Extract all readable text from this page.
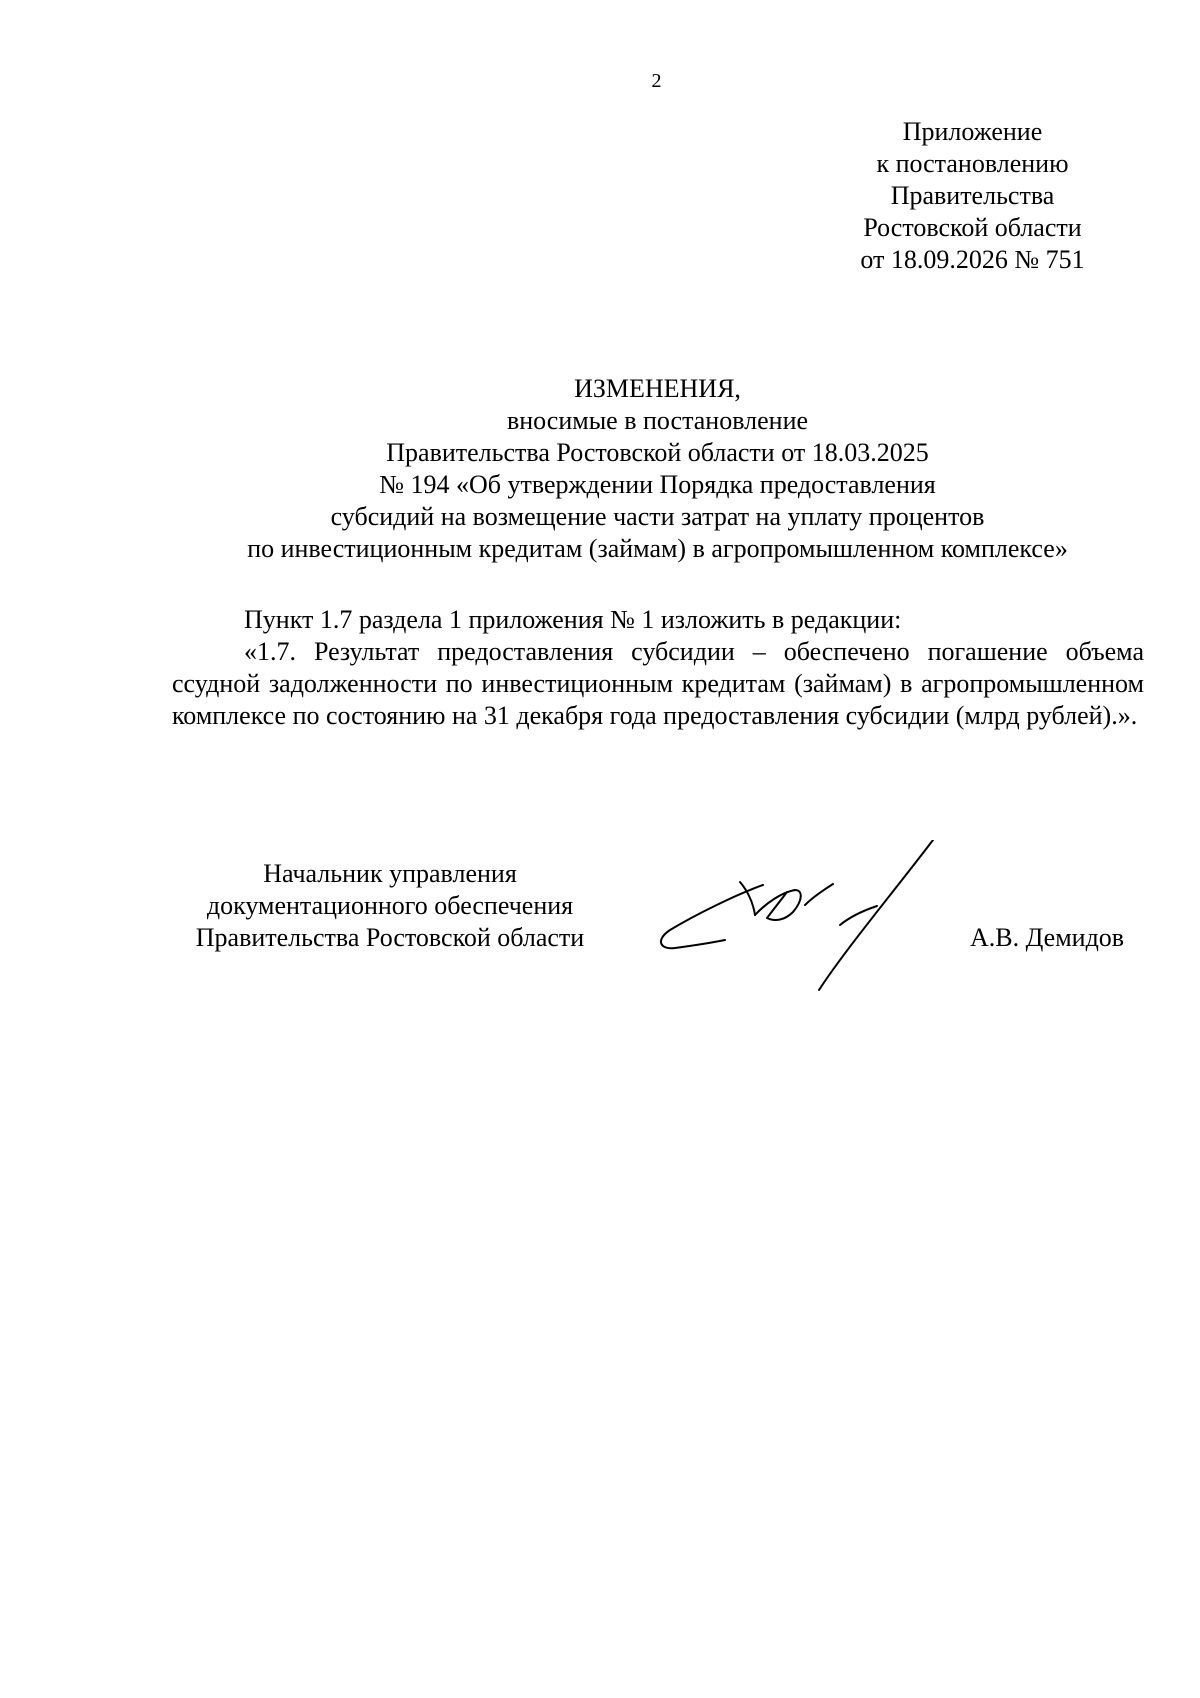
2
Приложение
к постановлению
Правительства
Ростовской области
от 18.09.2026 № 751
ИЗМЕНЕНИЯ,
вносимые в постановление
Правительства Ростовской области от 18.03.2025
№ 194 «Об утверждении Порядка предоставления
субсидий на возмещение части затрат на уплату процентов
по инвестиционным кредитам (займам) в агропромышленном комплексе»
Пункт 1.7 раздела 1 приложения № 1 изложить в редакции:
«1.7. Результат предоставления субсидии – обеспечено погашение объема ссудной задолженности по инвестиционным кредитам (займам) в агропромышленном комплексе по состоянию на 31 декабря года предоставления субсидии (млрд рублей).».
Начальник управления
документационного обеспечения
Правительства Ростовской области	А.В. Демидов
